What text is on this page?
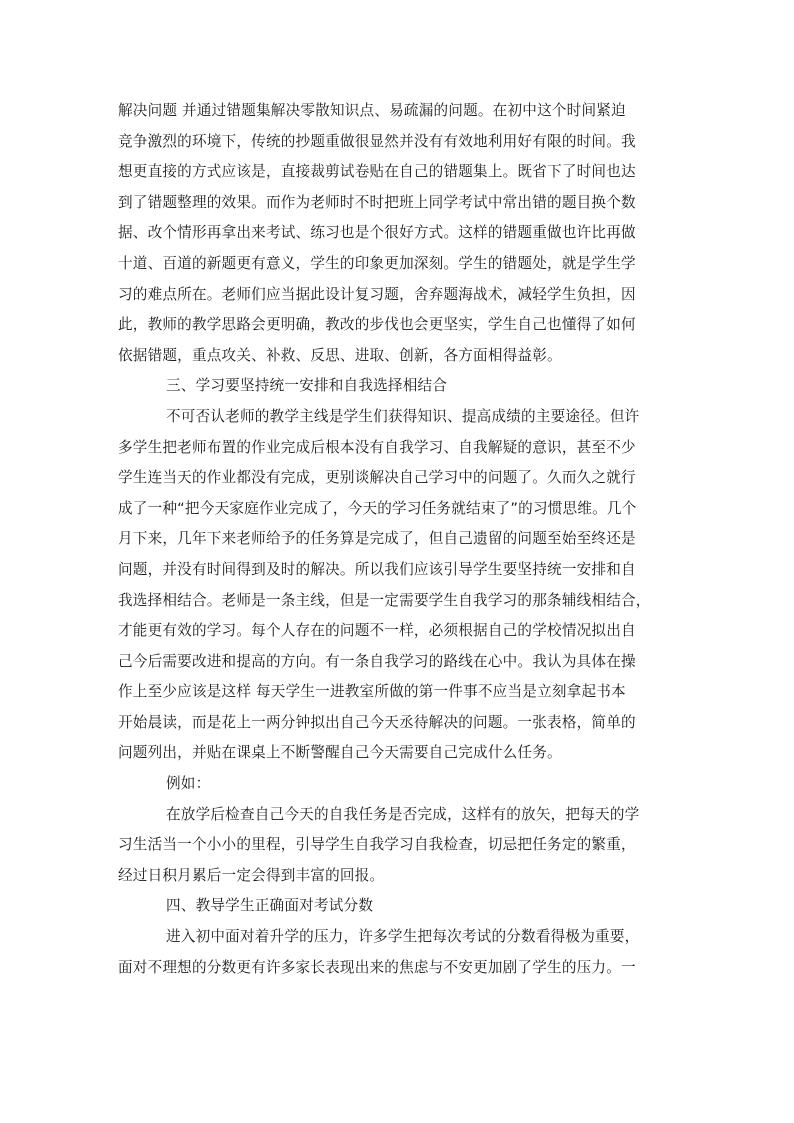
解决问题 并通过错题集解决零散知识点、易疏漏的问题。在初中这个时间紧迫
竞争激烈的环境下，传统的抄题重做很显然并没有有效地利用好有限的时间。我
想更直接的方式应该是，直接裁剪试卷贴在自己的错题集上。既省下了时间也达
到了错题整理的效果。而作为老师时不时把班上同学考试中常出错的题目换个数
据、改个情形再拿出来考试、练习也是个很好方式。这样的错题重做也许比再做
十道、百道的新题更有意义，学生的印象更加深刻。学生的错题处，就是学生学
习的难点所在。老师们应当据此设计复习题，舍弃题海战术，减轻学生负担，因
此，教师的教学思路会更明确，教改的步伐也会更坚实，学生自己也懂得了如何
依据错题，重点攻关、补救、反思、进取、创新，各方面相得益彰。
三、学习要坚持统一安排和自我选择相结合
不可否认老师的教学主线是学生们获得知识、提高成绩的主要途径。但许
多学生把老师布置的作业完成后根本没有自我学习、自我解疑的意识，甚至不少
学生连当天的作业都没有完成，更别谈解决自己学习中的问题了。久而久之就行
成了一种“把今天家庭作业完成了，今天的学习任务就结束了”的习惯思维。几个
月下来，几年下来老师给予的任务算是完成了，但自己遗留的问题至始至终还是
问题，并没有时间得到及时的解决。所以我们应该引导学生要坚持统一安排和自
我选择相结合。老师是一条主线，但是一定需要学生自我学习的那条辅线相结合，
才能更有效的学习。每个人存在的问题不一样，必须根据自己的学校情况拟出自
己今后需要改进和提高的方向。有一条自我学习的路线在心中。我认为具体在操
作上至少应该是这样 每天学生一进教室所做的第一件事不应当是立刻拿起书本
开始晨读，而是花上一两分钟拟出自己今天丞待解决的问题。一张表格，简单的
问题列出，并贴在课桌上不断警醒自己今天需要自己完成什么任务。
例如：
在放学后检查自己今天的自我任务是否完成，这样有的放矢，把每天的学
习生活当一个小小的里程，引导学生自我学习自我检查，切忌把任务定的繁重，
经过日积月累后一定会得到丰富的回报。
四、教导学生正确面对考试分数
进入初中面对着升学的压力，许多学生把每次考试的分数看得极为重要，
面对不理想的分数更有许多家长表现出来的焦虑与不安更加剧了学生的压力。一
